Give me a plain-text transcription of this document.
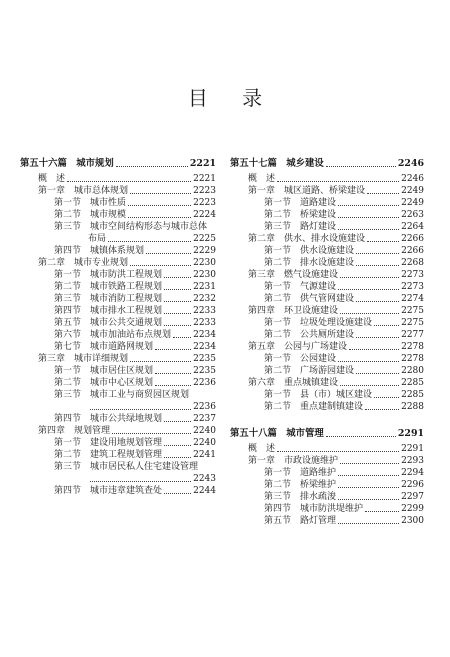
目 录
第五十六篇　城市规划	2221
概　述	2221
第一章　城市总体规划	2223
第一节　城市性质	2223
第二节　城市规模	2224
第三节　城市空间结构形态与城市总体
布局	2225
第四节　城镇体系规划	2229
第二章　城市专业规划	2230
第一节　城市防洪工程规划	2230
第二节　城市铁路工程规划	2231
第三节　城市消防工程规划	2232
第四节　城市排水工程规划	2233
第五节　城市公共交通规划	2233
第六节　城市加油站布点规划 2234
第七节　城市道路网规划	2234
第三章　城市详细规划	2235
第一节　城市居住区规划	2235
第二节　城市中心区规划	2236
第三节　城市工业与商贸园区规划
2236
第四节　城市公共绿地规划	2237
第四章　规划管理	2240
第一节　建设用地规划管理	2240
第二节　建筑工程规划管理	2241
第三节　城市居民私人住宅建设管理
2243
第四节　城市违章建筑查处	2244
第五十七篇　城乡建设	2246
概　述	2246
第一章　城区道路、桥梁建设	2249
第一节　道路建设	2249
第二节　桥梁建设	2263
第三节　路灯建设	2264
第二章　供水、排水设施建设	2266
第一节　供水设施建设	2266
第二节　排水设施建设	2268
第三章　燃气设施建设	2273
第一节　气源建设	2273
第二节　供气管网建设	2274
第四章　环卫设施建设	2275
第一节　垃圾处理设施建设	2275
第二节　公共厕所建设	2277
第五章　公园与广场建设	2278
第一节　公园建设	2278
第二节　广场游园建设	2280
第六章　重点城镇建设	2285
第一节　县（市）城区建设	2285
第二节　重点建制镇建设	2288
第五十八篇　城市管理	2291
概　述	2291
第一章　市政设施维护	2293
第一节　道路维护	2294
第二节　桥梁维护	2296
第三节　排水疏浚	2297
第四节　城市防洪堤维护	2299
第五节　路灯管理	2300
